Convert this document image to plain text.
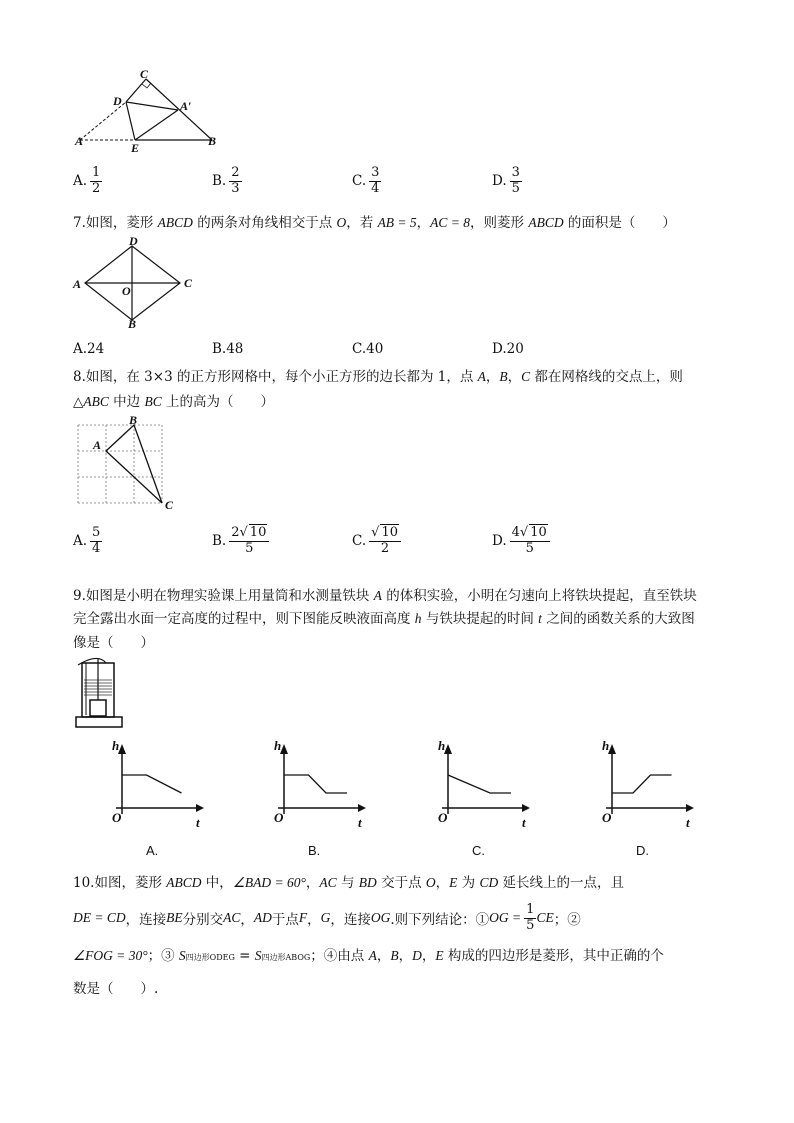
C
D	A′
A	E	B
A. $\frac{1}{2}$	B. $\frac{2}{3}$	C. $\frac{3}{4}$	D. $\frac{3}{5}$
7.如图，菱形 ABCD 的两条对角线相交于点 O，若 AB = 5，AC = 8，则菱形 ABCD 的面积是（　　）
D
A	O
C
B
A.24	B.48	C.40	D.20
8.如图，在 3×3 的正方形网格中，每个小正方形的边长都为 1，点 A，B，C 都在网格线的交点上，则
△ABC 中边 BC 上的高为（　　）
B
A
C
A. $\frac{5}{4}$	B. $\frac{2√ 10}{5}$	C. $\frac{√ 10}{2}$	D. $\frac{4√ 10}{5}$
9.如图是小明在物理实验课上用量筒和水测量铁块 A 的体积实验，小明在匀速向上将铁块提起，直至铁块
完全露出水面一定高度的过程中，则下图能反映液面高度 h 与铁块提起的时间 t 之间的函数关系的大致图
像是（　　）
h
O	t
A.
h
O	t
B.
h
O	t
C.
h
O	t
D.
10.如图，菱形 ABCD 中，∠BAD = 60°，AC 与 BD 交于点 O，E 为 CD 延长线上的一点，且
DE = CD ，连接 BE 分别交 AC ， AD 于点 F ， G ，连接 OG .则下列结论：① OG = $\frac{1}{5}$ CE ；②
∠FOG = 30°；③ S四边形ODEG = S四边形ABOG；④由点 A，B，D，E 构成的四边形是菱形，其中正确的个
数是（　　）.
